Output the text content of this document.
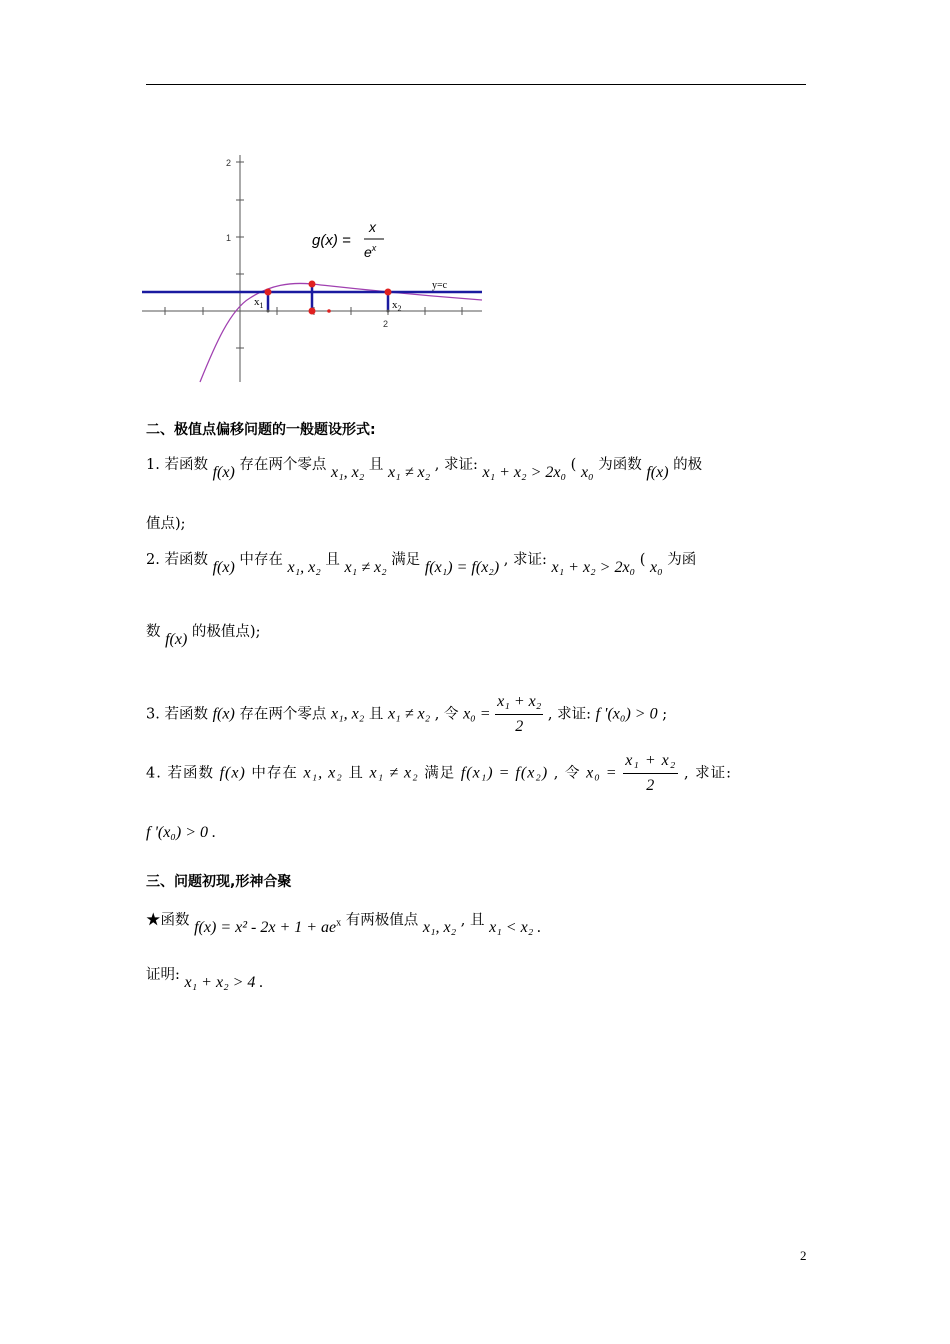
2
1
2
y=c
$x_1$	$x_2$
g(x) =
x
$e^x$
二、极值点偏移问题的一般题设形式:
1. 若函数 f(x) 存在两个零点 x₁, x₂ 且 x₁ ≠ x₂ , 求证: x₁ + x₂ > 2x₀ ( x₀ 为函数 f(x) 的极
值点);
2. 若函数 f(x) 中存在 x₁, x₂ 且 x₁ ≠ x₂ 满足 f(x₁) = f(x₂) , 求证: x₁ + x₂ > 2x₀ ( x₀ 为函
数 f(x) 的极值点);
3. 若函数 f(x) 存在两个零点 x₁, x₂ 且 x₁ ≠ x₂ , 令 $x_0 = \frac{\text{x₁ + x₂}}{2}$ , 求证: f '(x₀) > 0 ;
4. 若函数 f(x) 中存在 x₁, x₂ 且 x₁ ≠ x₂ 满足 f(x₁) = f(x₂) , 令 $x_0 = \frac{\text{x₁ + x₂}}{2}$ , 求证:
f '(x₀) > 0 .
三、问题初现,形神合聚
★函数 $f(x) = x^2 - 2x + 1 + ae^x$ 有两极值点 x₁, x₂ , 且 x₁ < x₂ .
证明: x₁ + x₂ > 4 .
2
